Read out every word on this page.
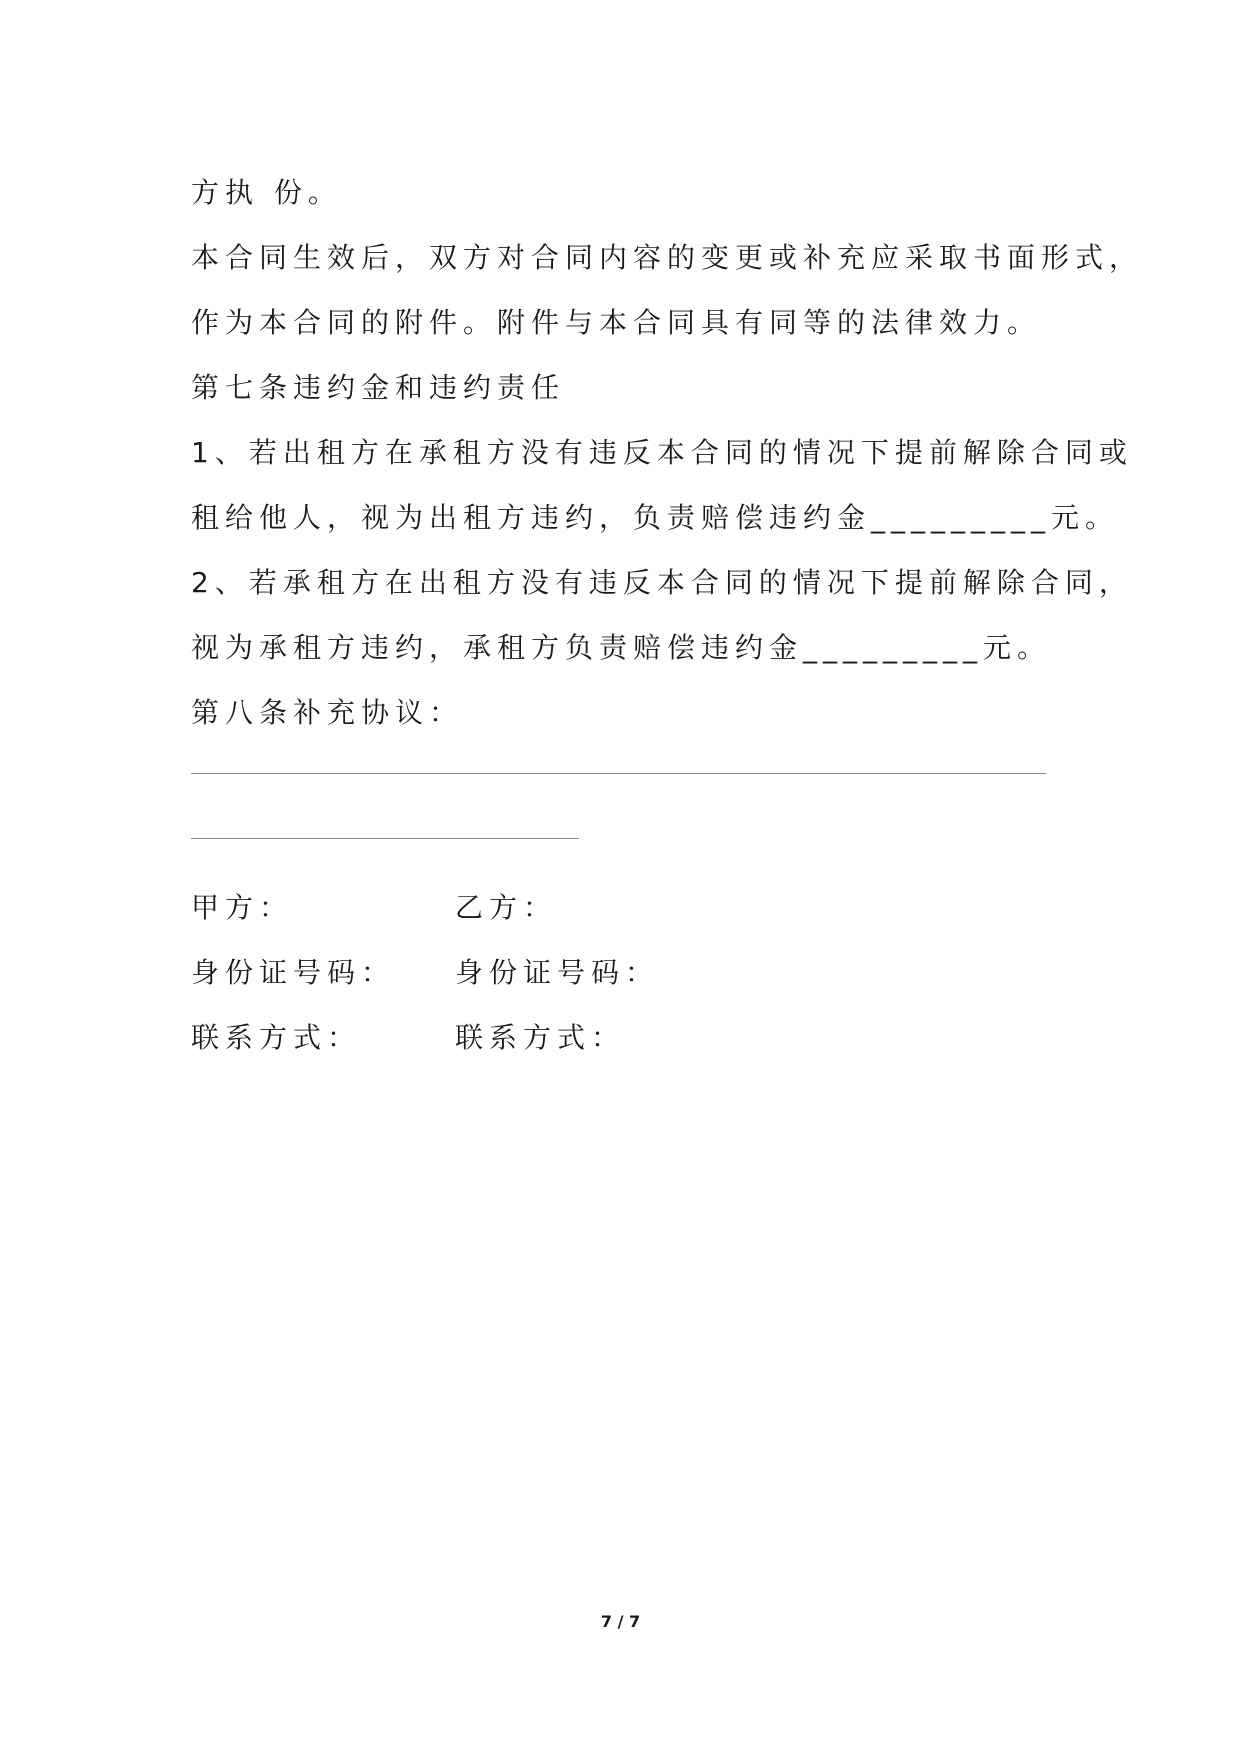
方执 份。
本合同生效后，双方对合同内容的变更或补充应采取书面形式，
作为本合同的附件。附件与本合同具有同等的法律效力。
第七条违约金和违约责任
1、若出租方在承租方没有违反本合同的情况下提前解除合同或
租给他人，视为出租方违约，负责赔偿违约金_________元。
2、若承租方在出租方没有违反本合同的情况下提前解除合同，
视为承租方违约，承租方负责赔偿违约金_________元。
第八条补充协议：
甲方：	乙方：
身份证号码： 身份证号码：
联系方式：	联系方式：
7 / 7
